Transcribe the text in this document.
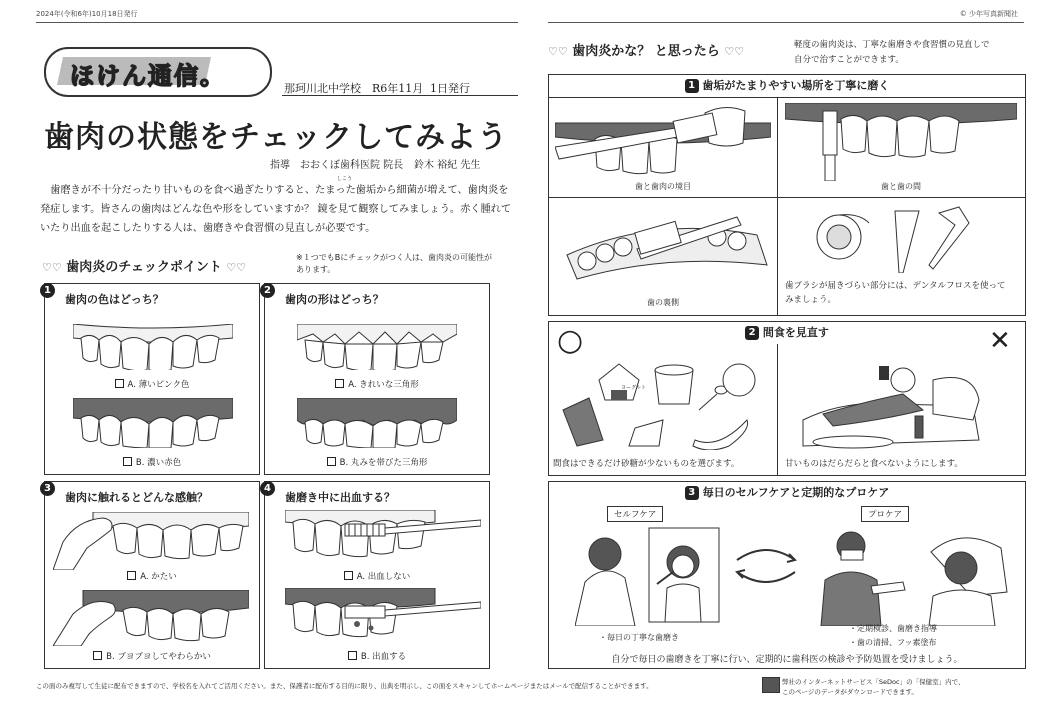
2024年(令和6年)10月18日発行	© 少年写真新聞社
ほけん通信。	那珂川北中学校 R6年11月 1日発行
歯肉の状態をチェックしてみよう
指導　おおくぼ歯科医院 院長 鈴木 裕紀 先生
しこう
歯磨きが不十分だったり甘いものを食べ過ぎたりすると、たまった歯垢から細菌が増えて、歯肉炎を発症します。皆さんの歯肉はどんな色や形をしていますか？ 鏡を見て観察してみましょう。赤く腫れていたり出血を起こしたりする人は、歯磨きや食習慣の見直しが必要です。
♡♡ 歯肉炎のチェックポイント ♡♡
※１つでもBにチェックがつく人は、歯肉炎の可能性があります。
1
歯肉の色はどっち？
A. 薄いピンク色
B. 濃い赤色
2
歯肉の形はどっち？
A. きれいな三角形
B. 丸みを帯びた三角形
3
歯肉に触れるとどんな感触？
A. かたい
B. ブヨブヨしてやわらかい
4
歯磨き中に出血する？
A. 出血しない
B. 出血する
♡♡ 歯肉炎かな？ と思ったら ♡♡	軽度の歯肉炎は、丁寧な歯磨きや食習慣の見直しで自分で治すことができます。
1 歯垢がたまりやすい場所を丁寧に磨く
歯と歯肉の境目	歯と歯の間
歯の裏側
歯ブラシが届きづらい部分には、デンタルフロスを使ってみましょう。
2 間食を見直す
○	✕
ヨーグルト
間食はできるだけ砂糖が少ないものを選びます。	甘いものはだらだらと食べないようにします。
3 毎日のセルフケアと定期的なプロケア
セルフケア	プロケア
・毎日の丁寧な歯磨き
・定期検診、歯磨き指導
・歯の清掃、フッ素塗布
自分で毎日の歯磨きを丁寧に行い、定期的に歯科医の検診や予防処置を受けましょう。
この面のみ複写して生徒に配布できますので、学校名を入れてご活用ください。また、保護者に配布する目的に限り、出典を明示し、この面をスキャンしてホームページまたはメールで配信することができます。	弊社のインターネットサービス「SeDoc」の「保健室」内で、
このページのデータがダウンロードできます。
